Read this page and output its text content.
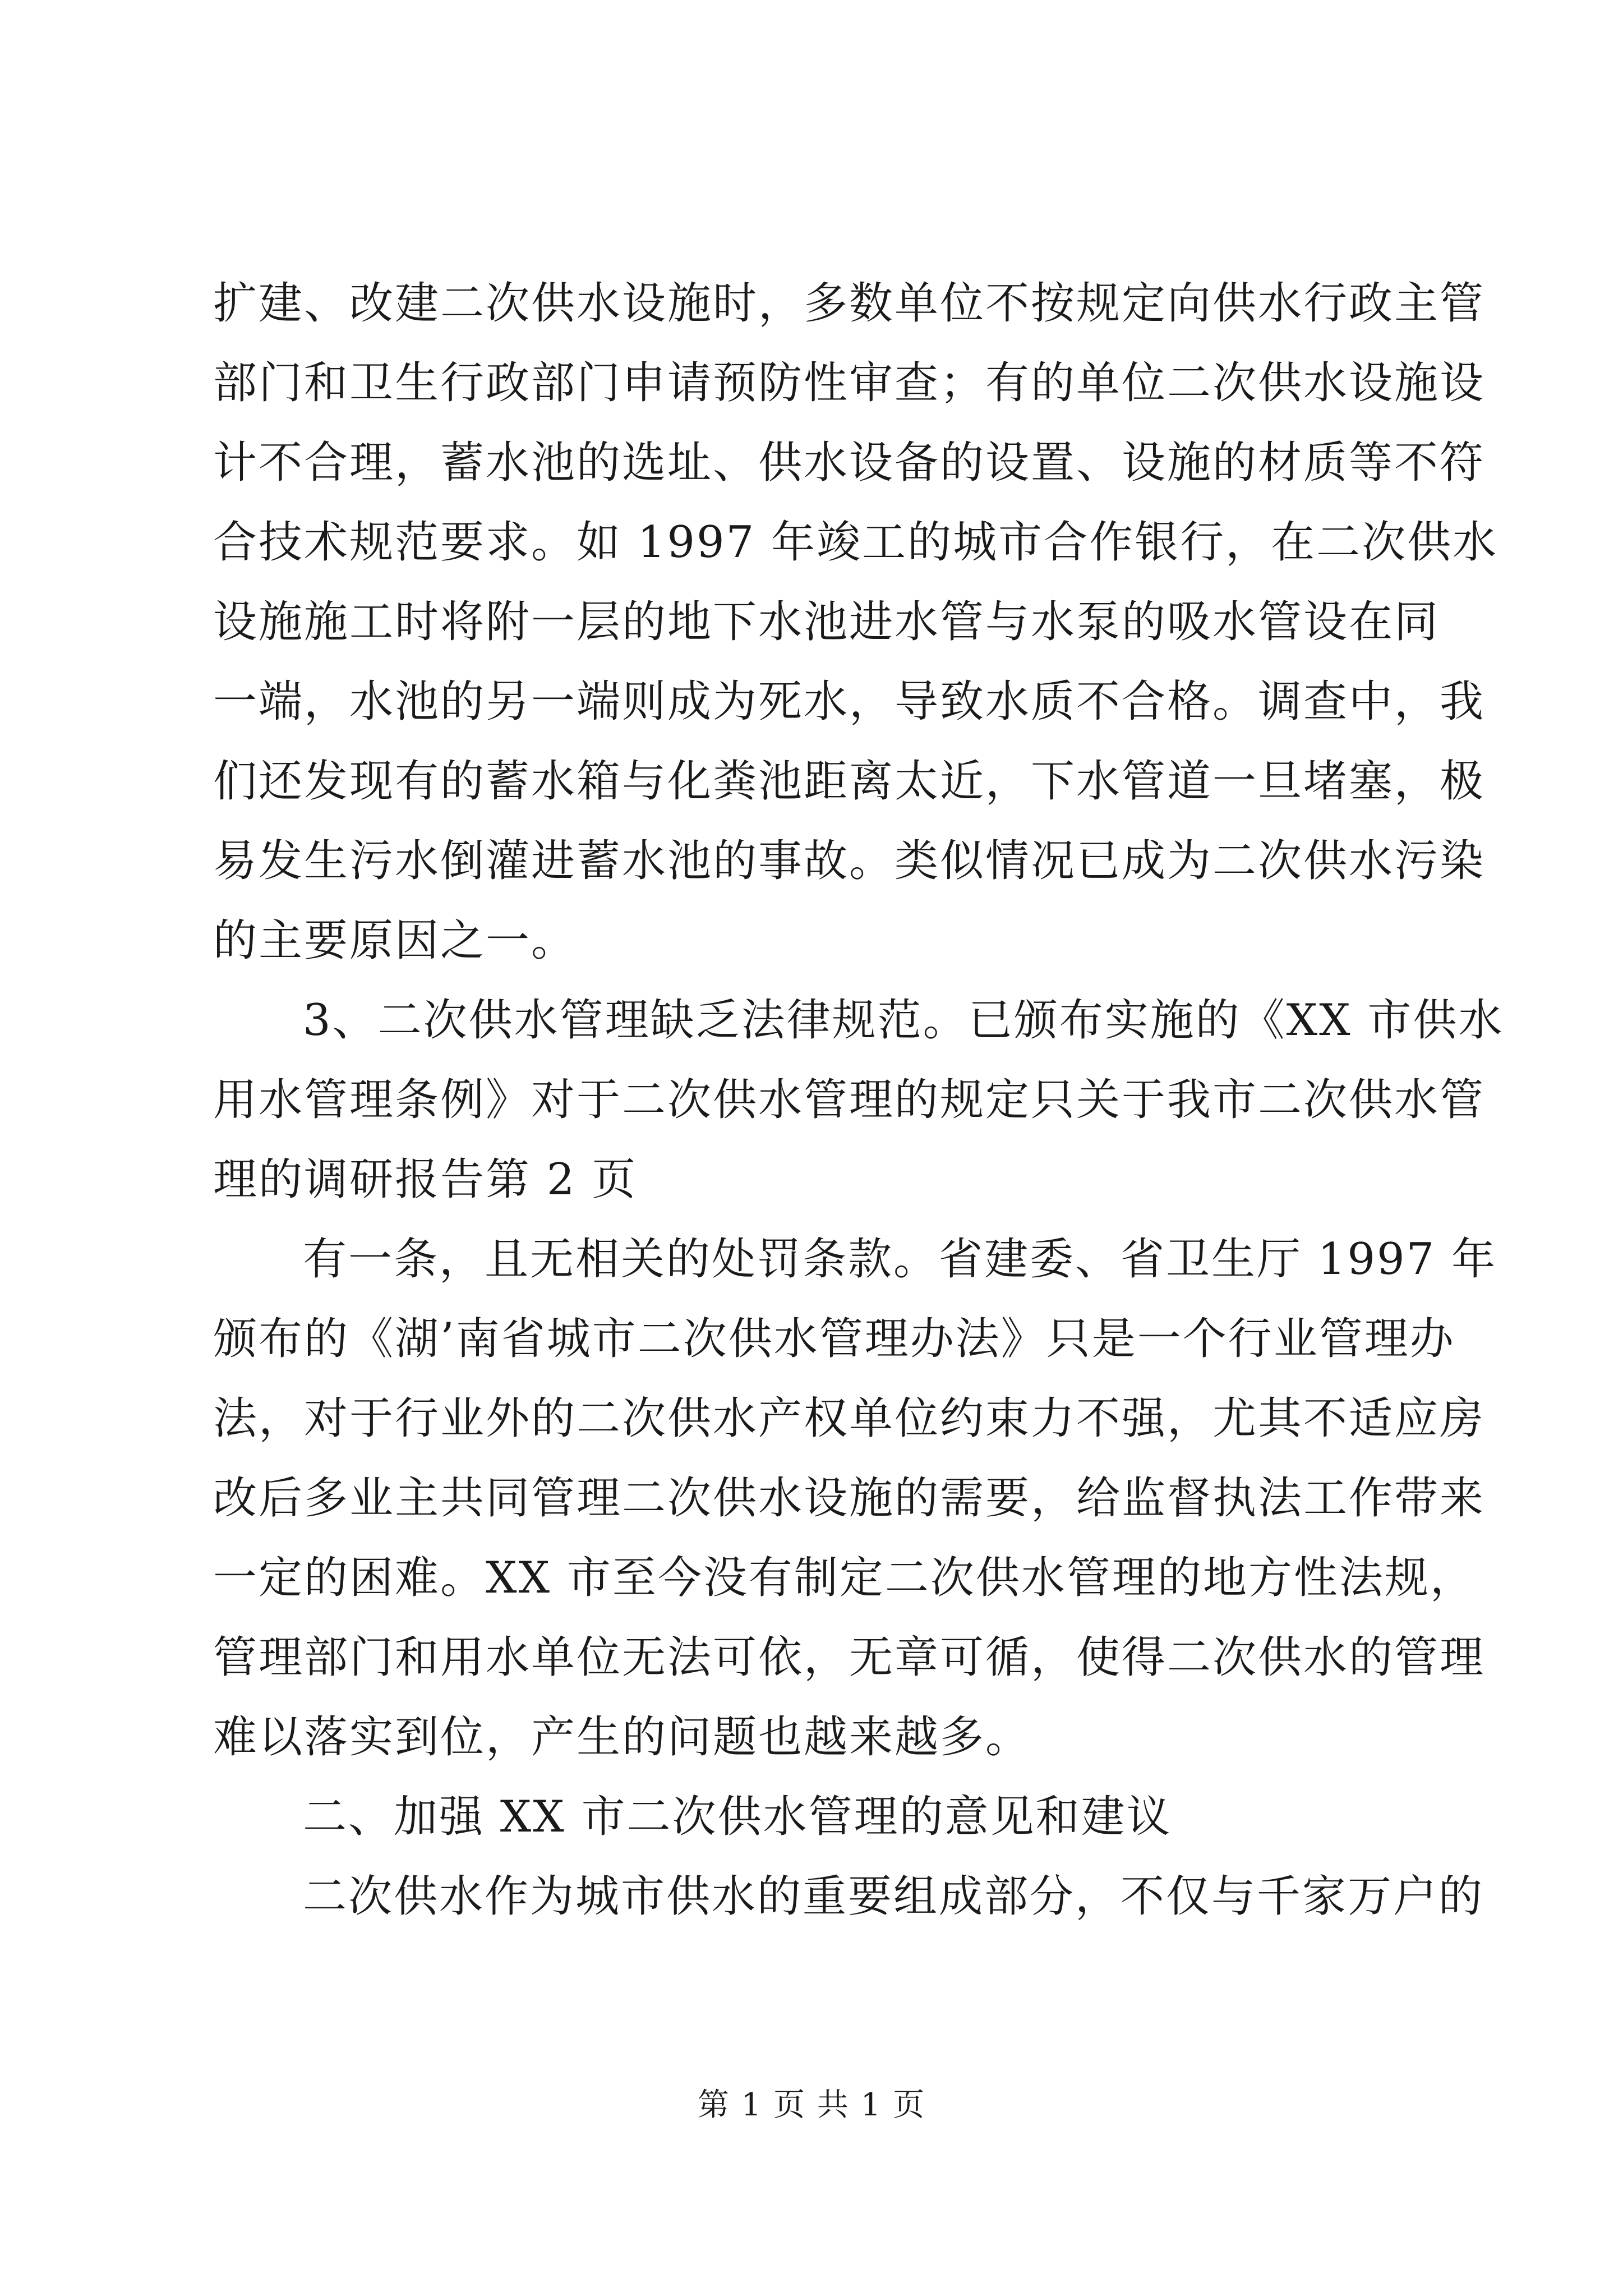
扩建、改建二次供水设施时，多数单位不按规定向供水行政主管
部门和卫生行政部门申请预防性审查；有的单位二次供水设施设
计不合理，蓄水池的选址、供水设备的设置、设施的材质等不符
合技术规范要求。如 1997 年竣工的城市合作银行，在二次供水
设施施工时将附一层的地下水池进水管与水泵的吸水管设在同
一端，水池的另一端则成为死水，导致水质不合格。调查中，我
们还发现有的蓄水箱与化粪池距离太近，下水管道一旦堵塞，极
易发生污水倒灌进蓄水池的事故。类似情况已成为二次供水污染
的主要原因之一。
3、二次供水管理缺乏法律规范。已颁布实施的《XX 市供水
用水管理条例》对于二次供水管理的规定只关于我市二次供水管
理的调研报告第 2 页
有一条，且无相关的处罚条款。省建委、省卫生厅 1997 年
颁布的《湖’南省城市二次供水管理办法》只是一个行业管理办
法，对于行业外的二次供水产权单位约束力不强，尤其不适应房
改后多业主共同管理二次供水设施的需要，给监督执法工作带来
一定的困难。XX 市至今没有制定二次供水管理的地方性法规，
管理部门和用水单位无法可依，无章可循，使得二次供水的管理
难以落实到位，产生的问题也越来越多。
二、加强 XX 市二次供水管理的意见和建议
二次供水作为城市供水的重要组成部分，不仅与千家万户的
第 1 页 共 1 页
